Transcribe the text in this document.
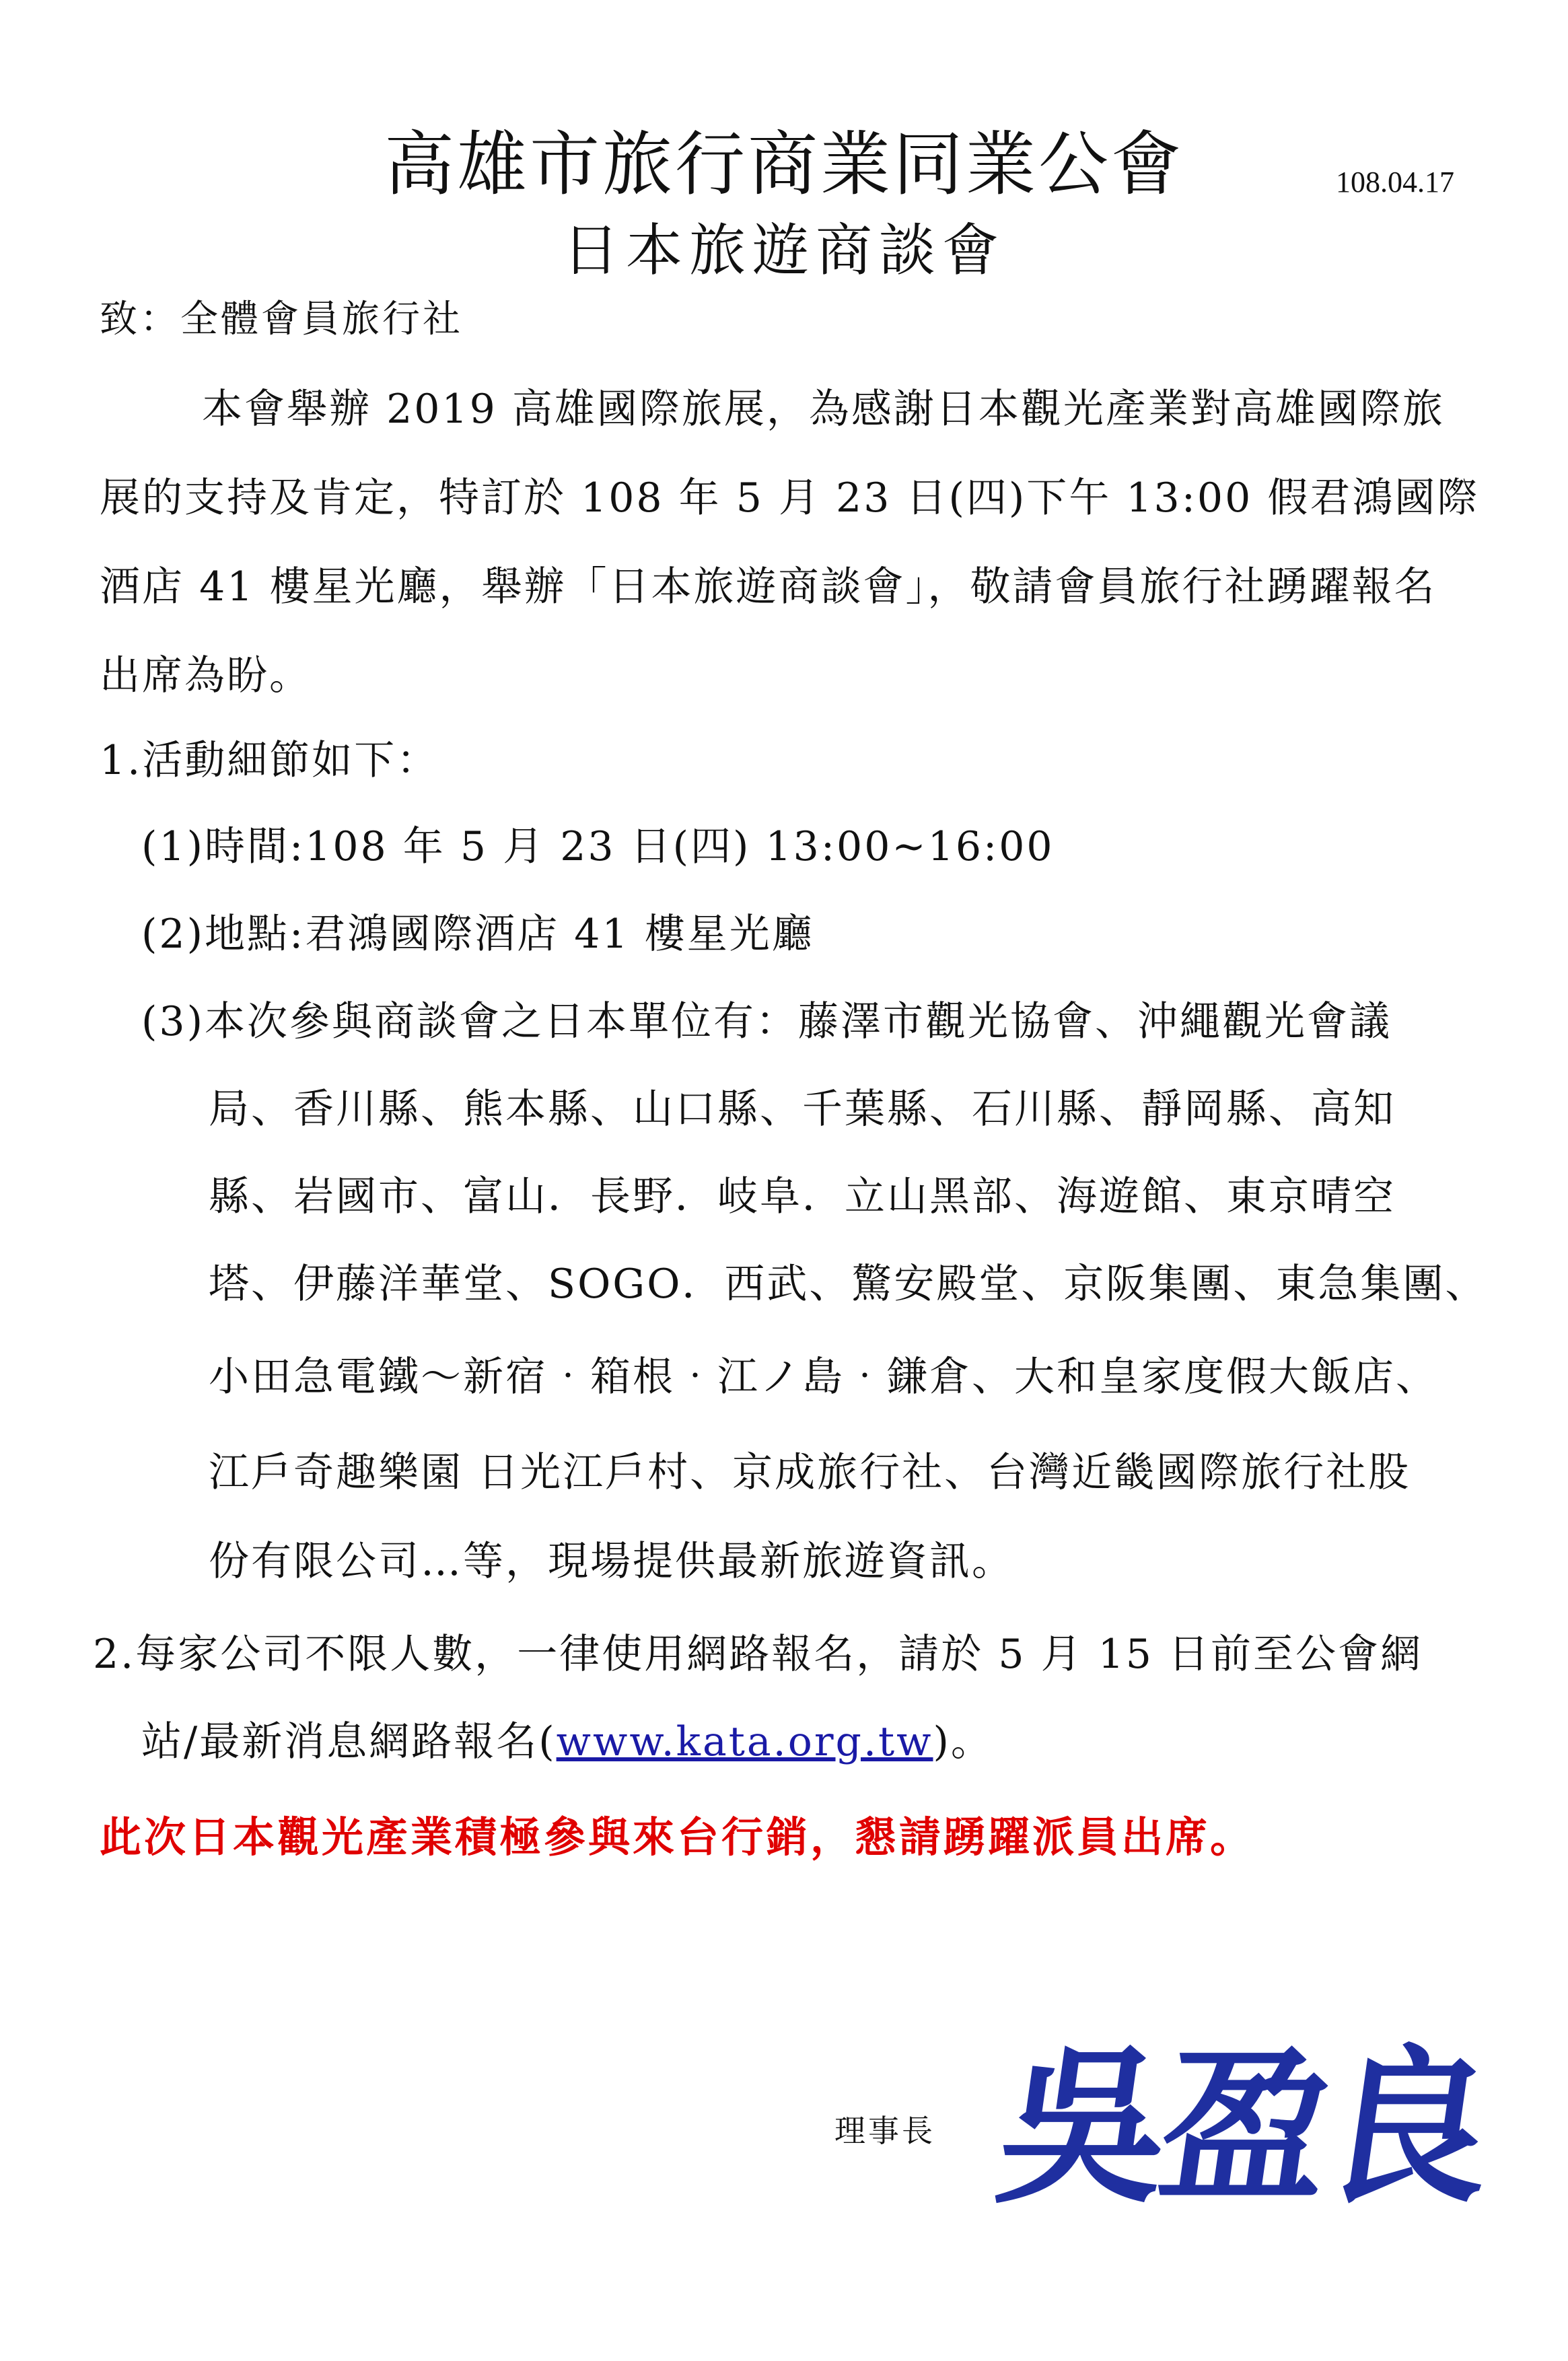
高雄市旅行商業同業公會	108.04.17
日本旅遊商談會
致：全體會員旅行社
本會舉辦 2019 高雄國際旅展，為感謝日本觀光產業對高雄國際旅
展的支持及肯定，特訂於 108 年 5 月 23 日(四)下午 13:00 假君鴻國際
酒店 41 樓星光廳，舉辦「日本旅遊商談會」，敬請會員旅行社踴躍報名
出席為盼。
1.活動細節如下：
(1)時間:108 年 5 月 23 日(四) 13:00~16:00
(2)地點:君鴻國際酒店 41 樓星光廳
(3)本次參與商談會之日本單位有：藤澤市觀光協會、沖繩觀光會議
局、香川縣、熊本縣、山口縣、千葉縣、石川縣、靜岡縣、高知
縣、岩國市、富山．長野．岐阜．立山黑部、海遊館、東京晴空
塔、伊藤洋華堂、SOGO．西武、驚安殿堂、京阪集團、東急集團、
小田急電鐵～新宿‧箱根‧江ノ島‧鎌倉、大和皇家度假大飯店、
江戶奇趣樂園 日光江戶村、京成旅行社、台灣近畿國際旅行社股
份有限公司…等，現場提供最新旅遊資訊。
2.每家公司不限人數，一律使用網路報名，請於 5 月 15 日前至公會網
站/最新消息網路報名(www.kata.org.tw)。
此次日本觀光產業積極參與來台行銷，懇請踴躍派員出席。
理事長 吳盈良
